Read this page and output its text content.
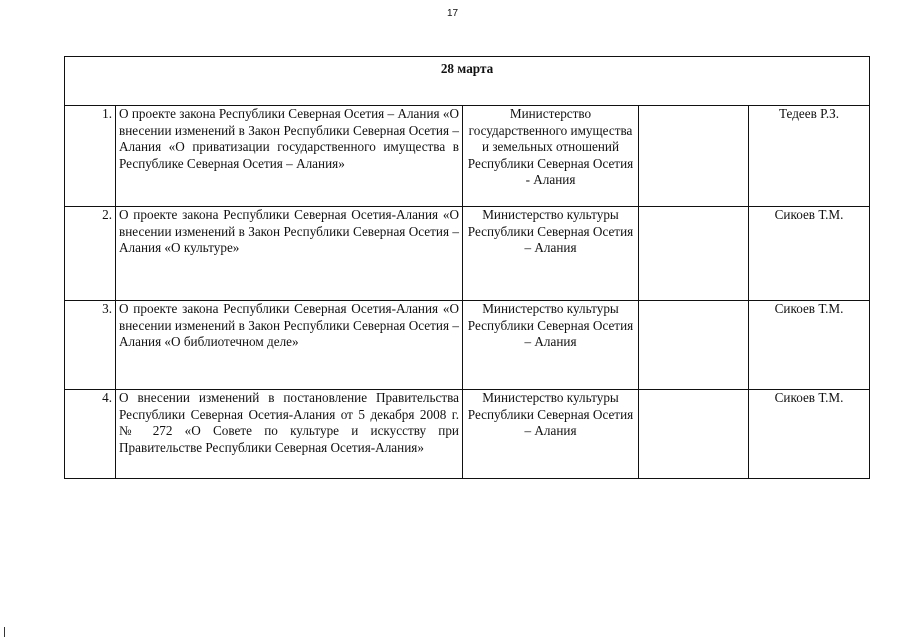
17
28 марта				
1.	О проекте закона Республики Северная Осетия – Алания «О внесении изменений в Закон Республики Северная Осетия – Алания «О приватизации государственного имущества в Республике Северная Осетия – Алания»	Министерство государственного имущества и земельных отношений Республики Северная Осетия - Алания		Тедеев Р.З.
2.	О проекте закона Республики Северная Осетия-Алания «О внесении изменений в Закон Республики Северная Осетия – Алания «О культуре»	Министерство культуры Республики Северная Осетия – Алания		Сикоев Т.М.
3.	О проекте закона Республики Северная Осетия-Алания «О внесении изменений в Закон Республики Северная Осетия – Алания «О библиотечном деле»	Министерство культуры Республики Северная Осетия – Алания		Сикоев Т.М.
4.	О внесении изменений в постановление Правительства Республики Северная Осетия-Алания от 5 декабря 2008 г. № 272 «О Совете по культуре и искусству при Правительстве Республики Северная Осетия-Алания»	Министерство культуры Республики Северная Осетия – Алания		Сикоев Т.М.
